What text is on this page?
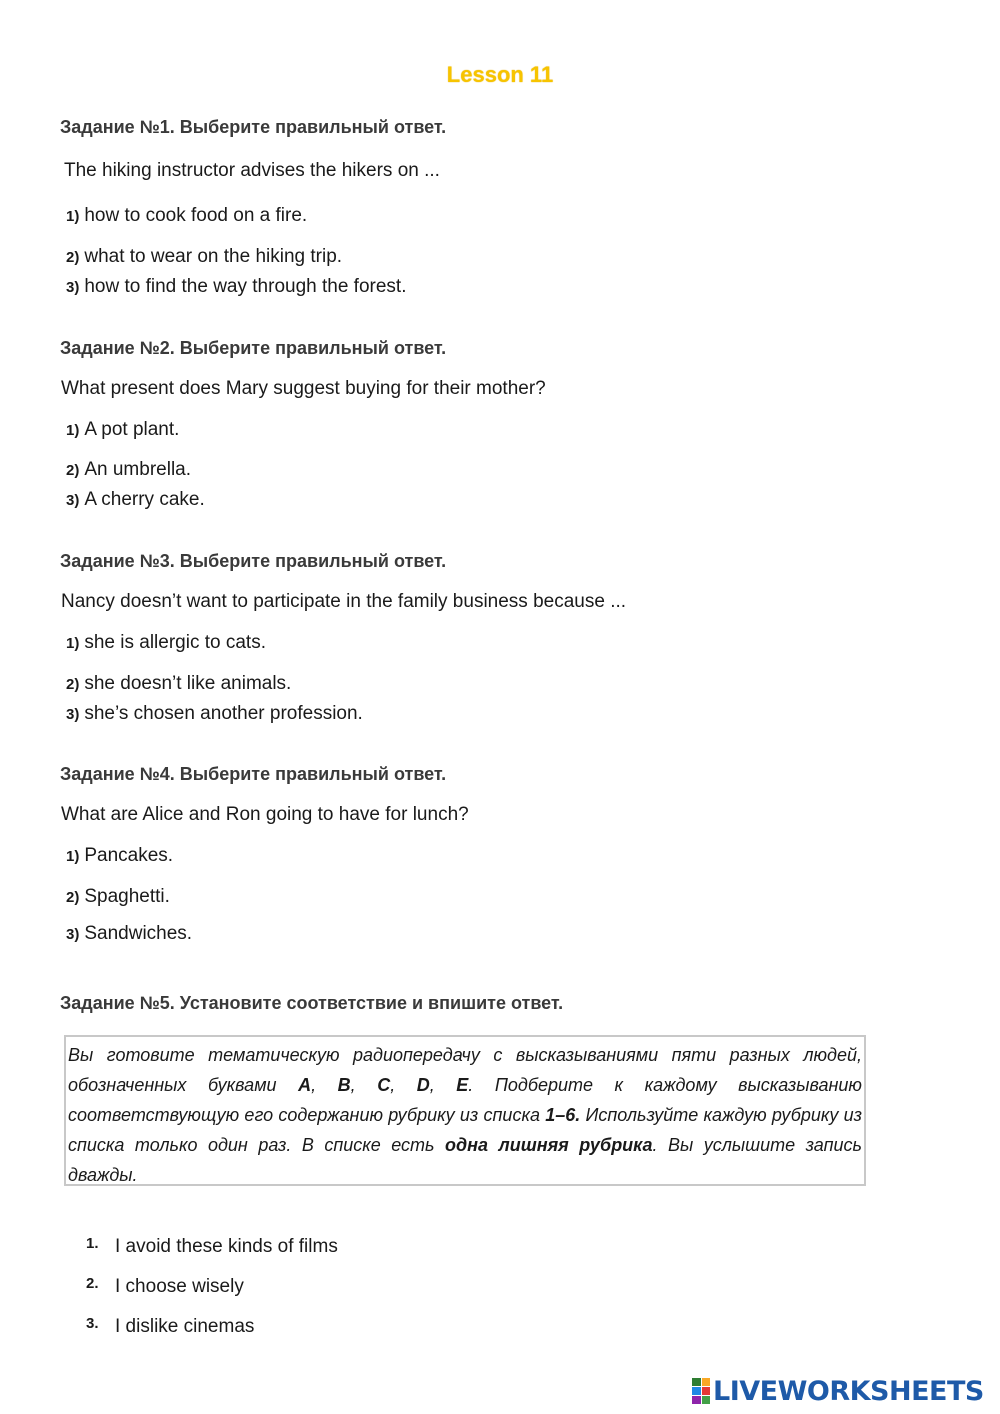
Lesson 11
Задание №1. Выберите правильный ответ.
The hiking instructor advises the hikers on ...
1) how to cook food on a fire.
2) what to wear on the hiking trip.
3) how to find the way through the forest.
Задание №2. Выберите правильный ответ.
What present does Mary suggest buying for their mother?
1) A pot plant.
2) An umbrella.
3) A cherry cake.
Задание №3. Выберите правильный ответ.
Nancy doesn’t want to participate in the family business because ...
1) she is allergic to cats.
2) she doesn’t like animals.
3) she’s chosen another profession.
Задание №4. Выберите правильный ответ.
What are Alice and Ron going to have for lunch?
1) Pancakes.
2) Spaghetti.
3) Sandwiches.
Задание №5. Установите соответствие и впишите ответ.
Вы готовите тематическую радиопередачу с высказываниями пяти разных людей, обозначенных буквами A, B, C, D, E. Подберите к каждому высказыванию соответствующую его содержанию рубрику из списка 1–6. Используйте каждую рубрику из списка только один раз. В списке есть одна лишняя рубрика. Вы услышите запись дважды.
1. I avoid these kinds of films
2. I choose wisely
3. I dislike cinemas
LIVEWORKSHEETS
